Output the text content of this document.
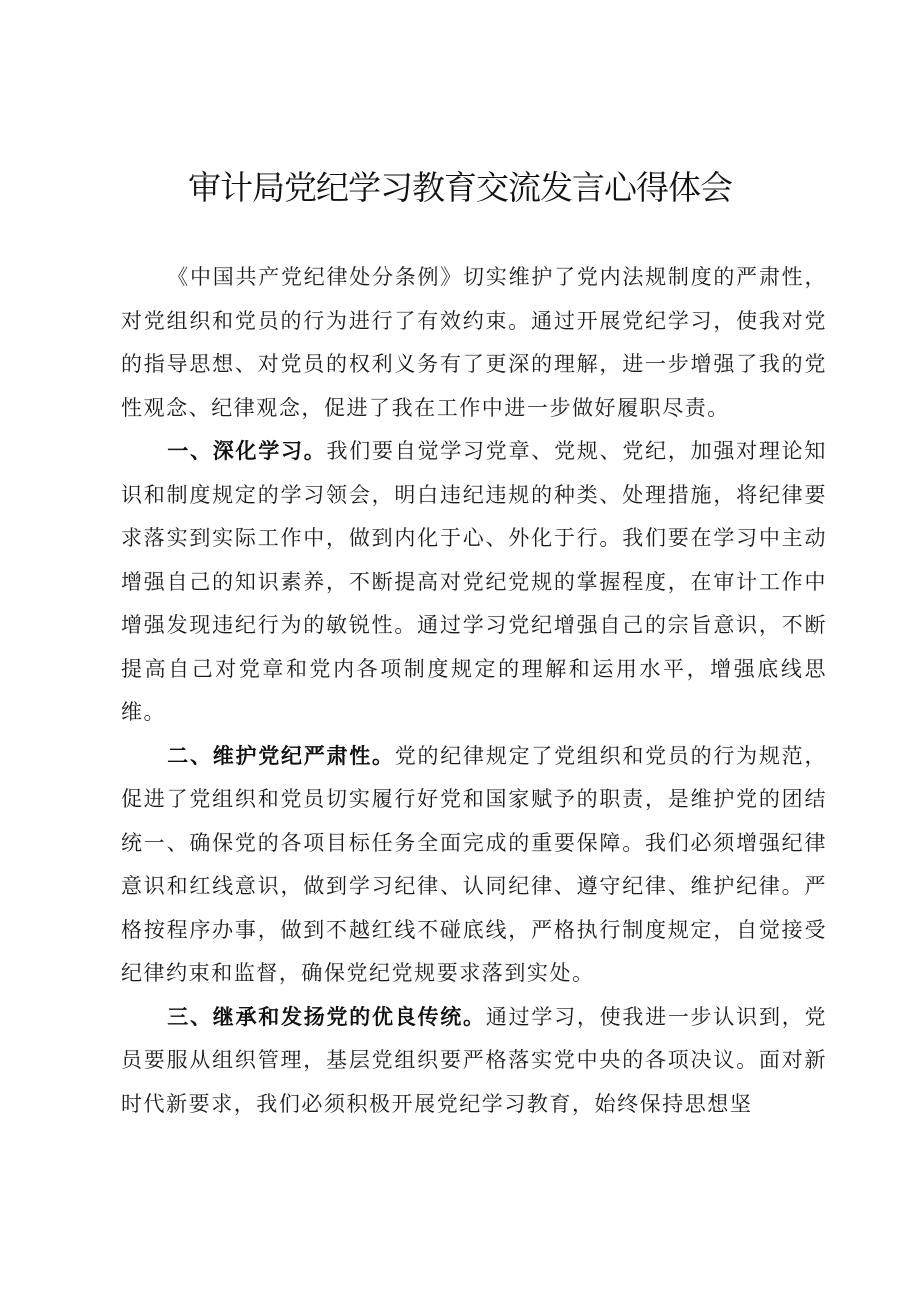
审计局党纪学习教育交流发言心得体会

《中国共产党纪律处分条例》切实维护了党内法规制度的严肃性，对党组织和党员的行为进行了有效约束。通过开展党纪学习，使我对党的指导思想、对党员的权利义务有了更深的理解，进一步增强了我的党性观念、纪律观念，促进了我在工作中进一步做好履职尽责。

一、深化学习。我们要自觉学习党章、党规、党纪，加强对理论知识和制度规定的学习领会，明白违纪违规的种类、处理措施，将纪律要求落实到实际工作中，做到内化于心、外化于行。我们要在学习中主动增强自己的知识素养，不断提高对党纪党规的掌握程度，在审计工作中增强发现违纪行为的敏锐性。通过学习党纪增强自己的宗旨意识，不断提高自己对党章和党内各项制度规定的理解和运用水平，增强底线思维。

二、维护党纪严肃性。党的纪律规定了党组织和党员的行为规范，促进了党组织和党员切实履行好党和国家赋予的职责，是维护党的团结统一、确保党的各项目标任务全面完成的重要保障。我们必须增强纪律意识和红线意识，做到学习纪律、认同纪律、遵守纪律、维护纪律。严格按程序办事，做到不越红线不碰底线，严格执行制度规定，自觉接受纪律约束和监督，确保党纪党规要求落到实处。

三、继承和发扬党的优良传统。通过学习，使我进一步认识到，党员要服从组织管理，基层党组织要严格落实党中央的各项决议。面对新时代新要求，我们必须积极开展党纪学习教育，始终保持思想坚
